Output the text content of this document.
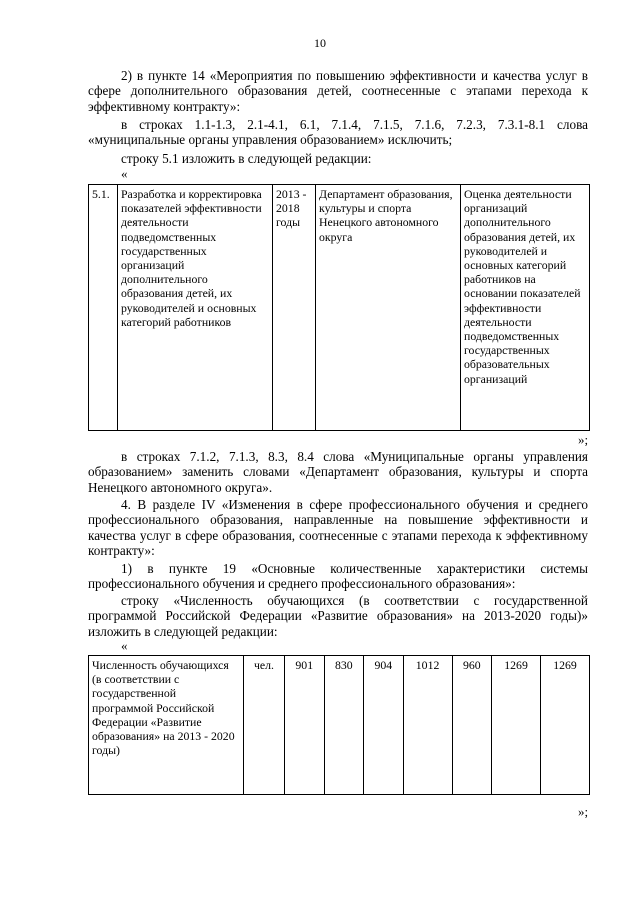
10

2) в пункте 14 «Мероприятия по повышению эффективности и качества услуг в сфере дополнительного образования детей, соотнесенные с этапами перехода к эффективному контракту»:

в строках 1.1-1.3, 2.1-4.1, 6.1, 7.1.4, 7.1.5, 7.1.6, 7.2.3, 7.3.1-8.1 слова «муниципальные органы управления образованием» исключить;

строку 5.1 изложить в следующей редакции:

«
5.1.	Разработка и корректировка показателей эффективности деятельности подведомственных государственных организаций дополнительного образования детей, их руководителей и основных категорий работников	2013 - 2018 годы	Департамент образования, культуры и спорта Ненецкого автономного округа	Оценка деятельности организаций дополнительного образования детей, их руководителей и основных категорий работников на основании показателей эффективности деятельности подведомственных государственных образовательных организаций
»;

в строках 7.1.2, 7.1.3, 8.3, 8.4 слова «Муниципальные органы управления образованием» заменить словами «Департамент образования, культуры и спорта Ненецкого автономного округа».

4. В разделе IV «Изменения в сфере профессионального обучения и среднего профессионального образования, направленные на повышение эффективности и качества услуг в сфере образования, соотнесенные с этапами перехода к эффективному контракту»:

1) в пункте 19 «Основные количественные характеристики системы профессионального обучения и среднего профессионального образования»:

строку «Численность обучающихся (в соответствии с государственной программой Российской Федерации «Развитие образования» на 2013-2020 годы)» изложить в следующей редакции:

«
Численность обучающихся (в соответствии с государственной программой Российской Федерации «Развитие образования» на 2013 - 2020 годы)	чел.	901	830	904	1012	960	1269	1269
»;
